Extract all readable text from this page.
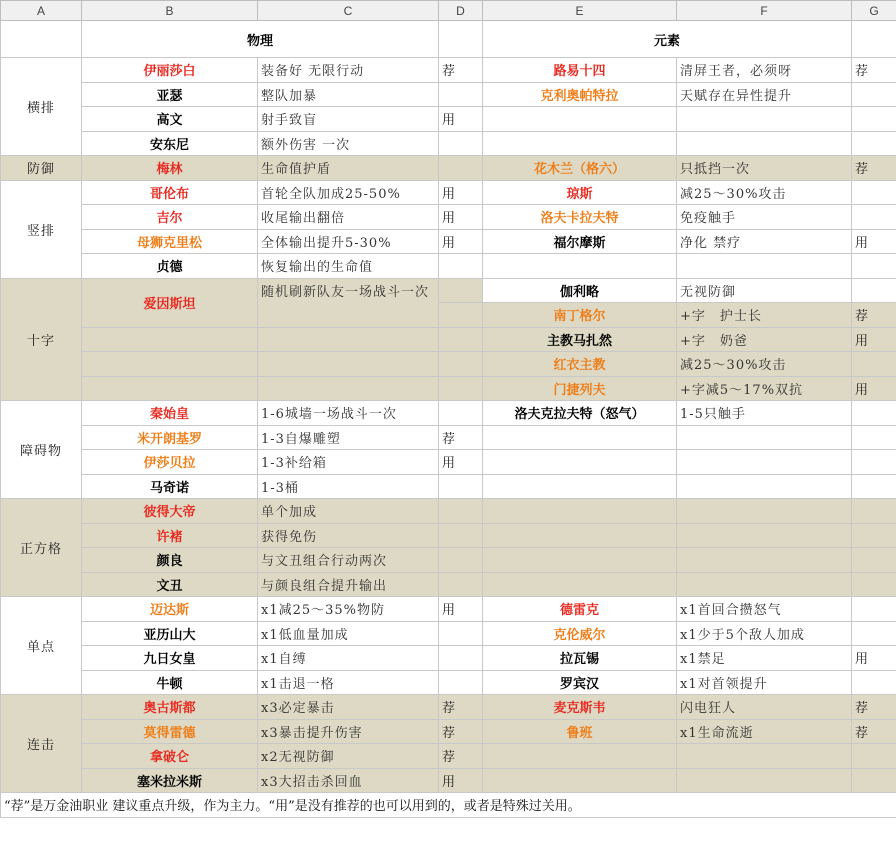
A	B	C	D	E	F	G
	物理			元素		
横排	伊丽莎白	装备好 无限行动	荐	路易十四	清屏王者，必须呀	荐
	亚瑟	整队加暴		克利奥帕特拉	天赋存在异性提升	
	高文	射手致盲	用			
	安东尼	额外伤害 一次				
防御	梅林	生命值护盾		花木兰（格六）	只抵挡一次	荐
竖排	哥伦布	首轮全队加成25-50%	用	琼斯	减25～30%攻击	
	吉尔	收尾输出翻倍	用	洛夫卡拉夫特	免疫触手	
	母狮克里松	全体输出提升5-30%	用	福尔摩斯	净化 禁疗	用
	贞德	恢复输出的生命值				
十字	爱因斯坦	随机刷新队友一场战斗一次		伽利略	无视防御	
				南丁格尔	+字　护士长	荐
				主教马扎然	+字　奶爸	用
				红衣主教	减25～30%攻击	
				门捷列夫	+字减5～17%双抗	用
障碍物	秦始皇	1-6城墙一场战斗一次		洛夫克拉夫特（怒气）	1-5只触手	
	米开朗基罗	1-3自爆雕塑	荐			
	伊莎贝拉	1-3补给箱	用			
	马奇诺	1-3桶				
正方格	彼得大帝	单个加成				
	许褚	获得免伤				
	颜良	与文丑组合行动两次				
	文丑	与颜良组合提升输出				
单点	迈达斯	x1减25～35%物防	用	德雷克	x1首回合攒怒气	
	亚历山大	x1低血量加成		克伦威尔	x1少于5个敌人加成	
	九日女皇	x1自缚		拉瓦锡	x1禁足	用
	牛顿	x1击退一格		罗宾汉	x1对首领提升	
连击	奥古斯都	x3必定暴击	荐	麦克斯韦	闪电狂人	荐
	莫得雷德	x3暴击提升伤害	荐	鲁班	x1生命流逝	荐
	拿破仑	x2无视防御	荐			
	塞米拉米斯	x3大招击杀回血	用			
“荐”是万金油职业 建议重点升级，作为主力。“用”是没有推荐的也可以用到的，或者是特殊过关用。						
